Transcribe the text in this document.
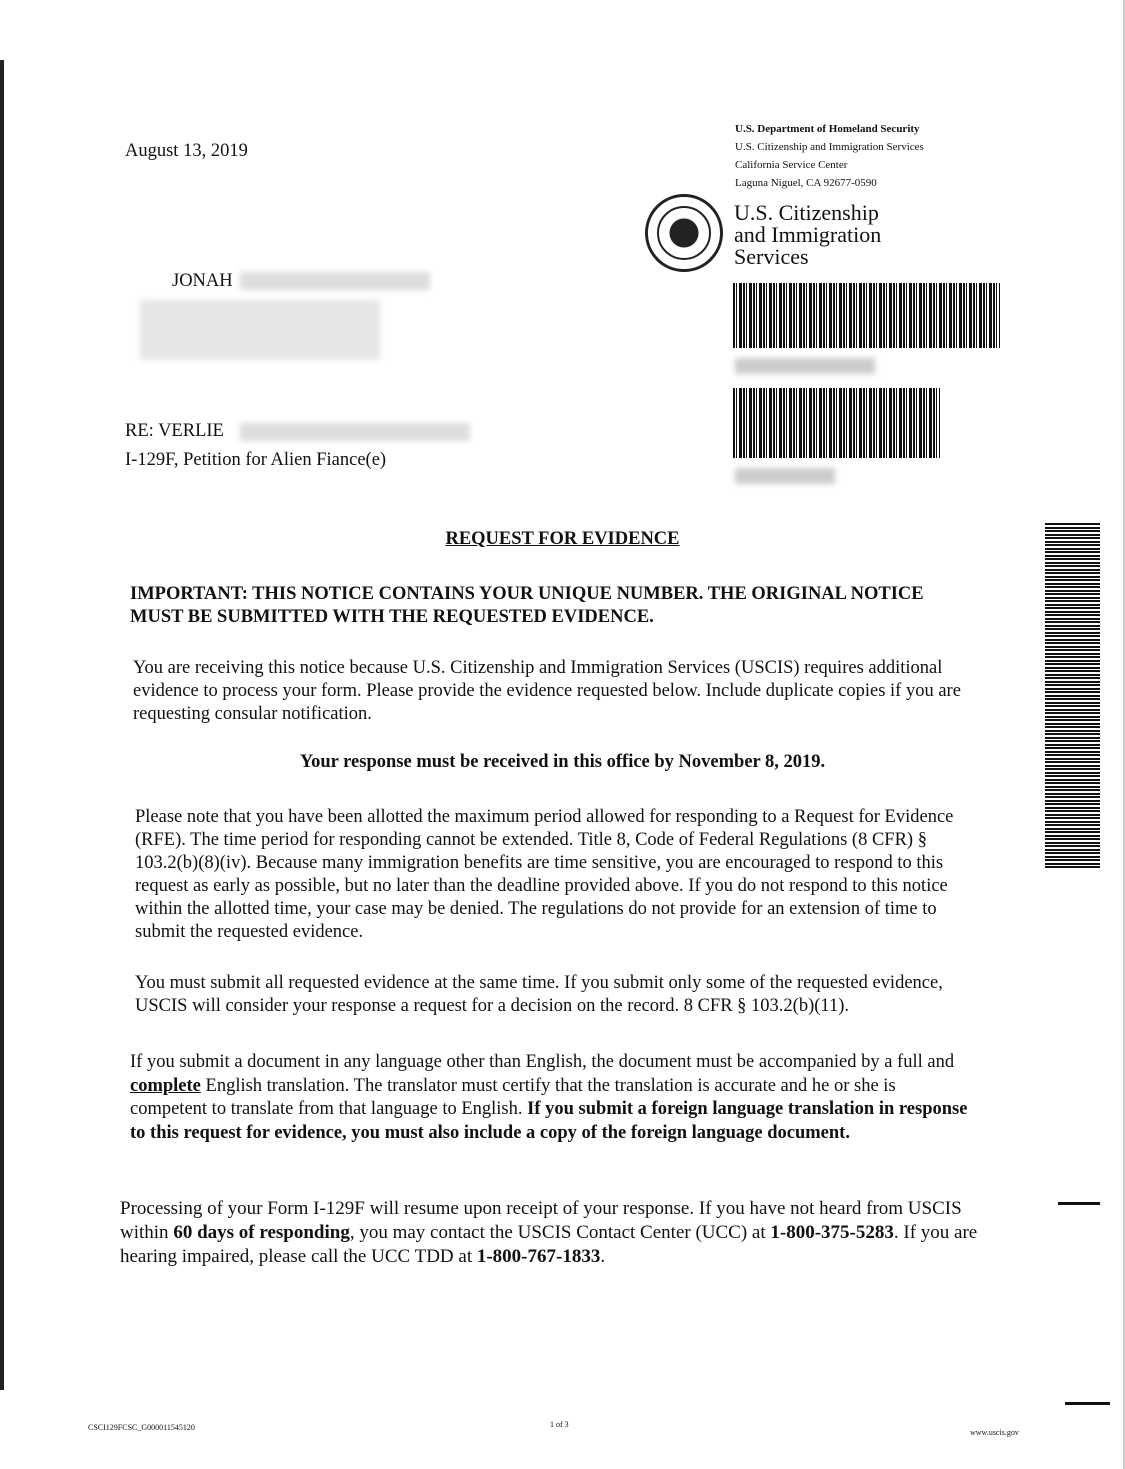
August 13, 2019
U.S. Department of Homeland Security
U.S. Citizenship and Immigration Services
California Service Center
Laguna Niguel, CA 92677-0590
U.S. Citizenship
and Immigration
Services
JONAH
RE: VERLIE
I-129F, Petition for Alien Fiance(e)
REQUEST FOR EVIDENCE
IMPORTANT: THIS NOTICE CONTAINS YOUR UNIQUE NUMBER. THE ORIGINAL NOTICE MUST BE SUBMITTED WITH THE REQUESTED EVIDENCE.
You are receiving this notice because U.S. Citizenship and Immigration Services (USCIS) requires additional evidence to process your form. Please provide the evidence requested below. Include duplicate copies if you are requesting consular notification.
Your response must be received in this office by November 8, 2019.
Please note that you have been allotted the maximum period allowed for responding to a Request for Evidence (RFE). The time period for responding cannot be extended. Title 8, Code of Federal Regulations (8 CFR) § 103.2(b)(8)(iv). Because many immigration benefits are time sensitive, you are encouraged to respond to this request as early as possible, but no later than the deadline provided above. If you do not respond to this notice within the allotted time, your case may be denied. The regulations do not provide for an extension of time to submit the requested evidence.
You must submit all requested evidence at the same time. If you submit only some of the requested evidence, USCIS will consider your response a request for a decision on the record. 8 CFR § 103.2(b)(11).
If you submit a document in any language other than English, the document must be accompanied by a full and complete English translation. The translator must certify that the translation is accurate and he or she is competent to translate from that language to English. If you submit a foreign language translation in response to this request for evidence, you must also include a copy of the foreign language document.
Processing of your Form I-129F will resume upon receipt of your response. If you have not heard from USCIS within 60 days of responding, you may contact the USCIS Contact Center (UCC) at 1-800-375-5283. If you are hearing impaired, please call the UCC TDD at 1-800-767-1833.
CSCI129FCSC_G000011545120	1 of 3
www.uscis.gov
